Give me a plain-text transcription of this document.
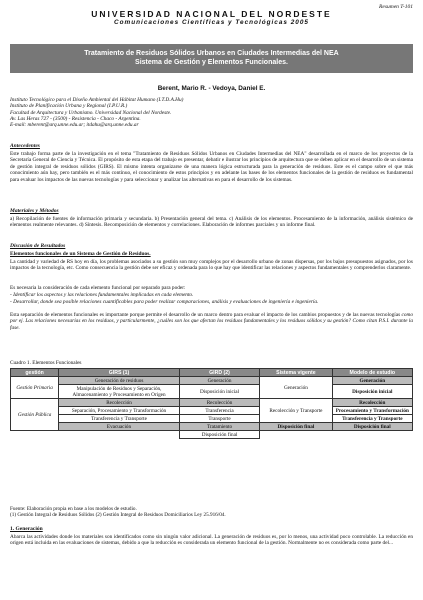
Resumen T-101
UNIVERSIDAD NACIONAL DEL NORDESTE
Comunicaciones Científicas y Tecnológicas 2005
Tratamiento de Residuos Sólidos Urbanos en Ciudades Intermedias del NEA
Sistema de Gestión y Elementos Funcionales.
Berent, Mario R. - Vedoya, Daniel E.
Instituto Tecnológico para el Diseño Ambiental del Hábitat Humano (I.T.D.A.Hu)
Instituto de Planificación Urbana y Regional (I.P.U.R.)
Facultad de Arquitectura y Urbanismo. Universidad Nacional del Nordeste.
Av. Las Heras 727 - (3500) - Resistencia - Chaco - Argentina.
E-mail: mberent@arq.unne.edu.ar; itdahu@arq.unne.edu.ar
Antecedentes
Este trabajo forma parte de la investigación en el tema "Tratamiento de Residuos Sólidos Urbanos en Ciudades Intermedias del NEA" desarrollada en el marco de los proyectos de la Secretaría General de Ciencia y Técnica. El propósito de esta etapa del trabajo es presentar, debatir e ilustrar los principios de arquitectura que se deben aplicar en el desarrollo de un sistema de gestión integral de residuos sólidos (GIRS). El mismo intenta organizarse de una manera lógica estructurada para la generación de residuos. Este es el campo sobre el que más conocimiento aún hay, pero también es el más contínuo, el conocimiento de estos principios y en adelante las bases de los elementos funcionales de la gestión de residuos es fundamental para evaluar los impactos de las nuevas tecnologías y para seleccionar y analizar las alternativas en para el desarrollo de los sistemas.
Materiales y Métodos
a) Recopilación de fuentes de información primaria y secundaria. b) Presentación general del tema. c) Análisis de los elementos. Procesamiento de la información, análisis sistémico de elementos realmente relevantes. d) Síntesis. Recomposición de elementos y correlaciones. Elaboración de informes parciales y un informe final.
Discusión de Resultados
Elementos funcionales de un Sistema de Gestión de Residuos.
La cantidad y variedad de RS hoy en día, los problemas asociados a su gestión son muy complejos por el desarrollo urbano de zonas dispersas, por los bajos presupuestos asignados, por los impactos de la tecnología, etc. Como consecuencia la gestión debe ser eficaz y ordenada para lo que hay que identificar las relaciones y aspectos fundamentales y comprenderlos claramente.
Es necesaria la consideración de cada elemento funcional por separado para poder:
- Identificar los aspectos y las relaciones fundamentales implicadas en cada elemento.
- Desarrollar, donde sea posible relaciones cuantificables para poder realizar comparaciones, análisis y evaluaciones de ingeniería e ingeniería.
Esta separación de elementos funcionales es importante porque permite el desarrollo de un marco dentro para evaluar el impacto de los cambios propuestos y de las nuevas tecnologías como por ej. Las relaciones necesarias en los residuos, y particularmente, ¿cuáles son los que afectan los residuos fundamentales y los residuos sólidos y su gestión? Como citan P.S.I. durante la fase.
Cuadro 1. Elementos Funcionales
gestión	GIRS (1)	GIRD (2)	Sistema vigente	Modelo de estudio
Gestión Primaria	Generación de residuos	Generación	Generación	Generación
	Manipulación de Residuos y Separación, Almacenamiento y Procesamiento en Origen	Disposición inicial		Disposición inicial
Gestión Pública	Recolección	Recolección	Recolección y Transporte	Recolección
	Separación, Procesamiento y Transformación	Transferencia		Procesamiento y Transformación
	Transferencia y Transporte	Transporte		Transferencia y Transporte
	Evacuación	Tratamiento	Disposición final	Disposición final
		Disposición final		
Fuente: Elaboración propia en base a los modelos de estudio.
(1) Gestión Integral de Residuos Sólidos (2) Gestión Integral de Residuos Domiciliarios Ley 25.916/04.
1. Generación
Abarca las actividades donde los materiales son identificados como sin ningún valor adicional. La generación de residuos es, por lo menos, una actividad poco controlable. La reducción en origen está incluida en las evaluaciones de sistemas, debido a que la reducción es considerada un elemento funcional de la gestión. Normalmente no es considerada como parte del...
